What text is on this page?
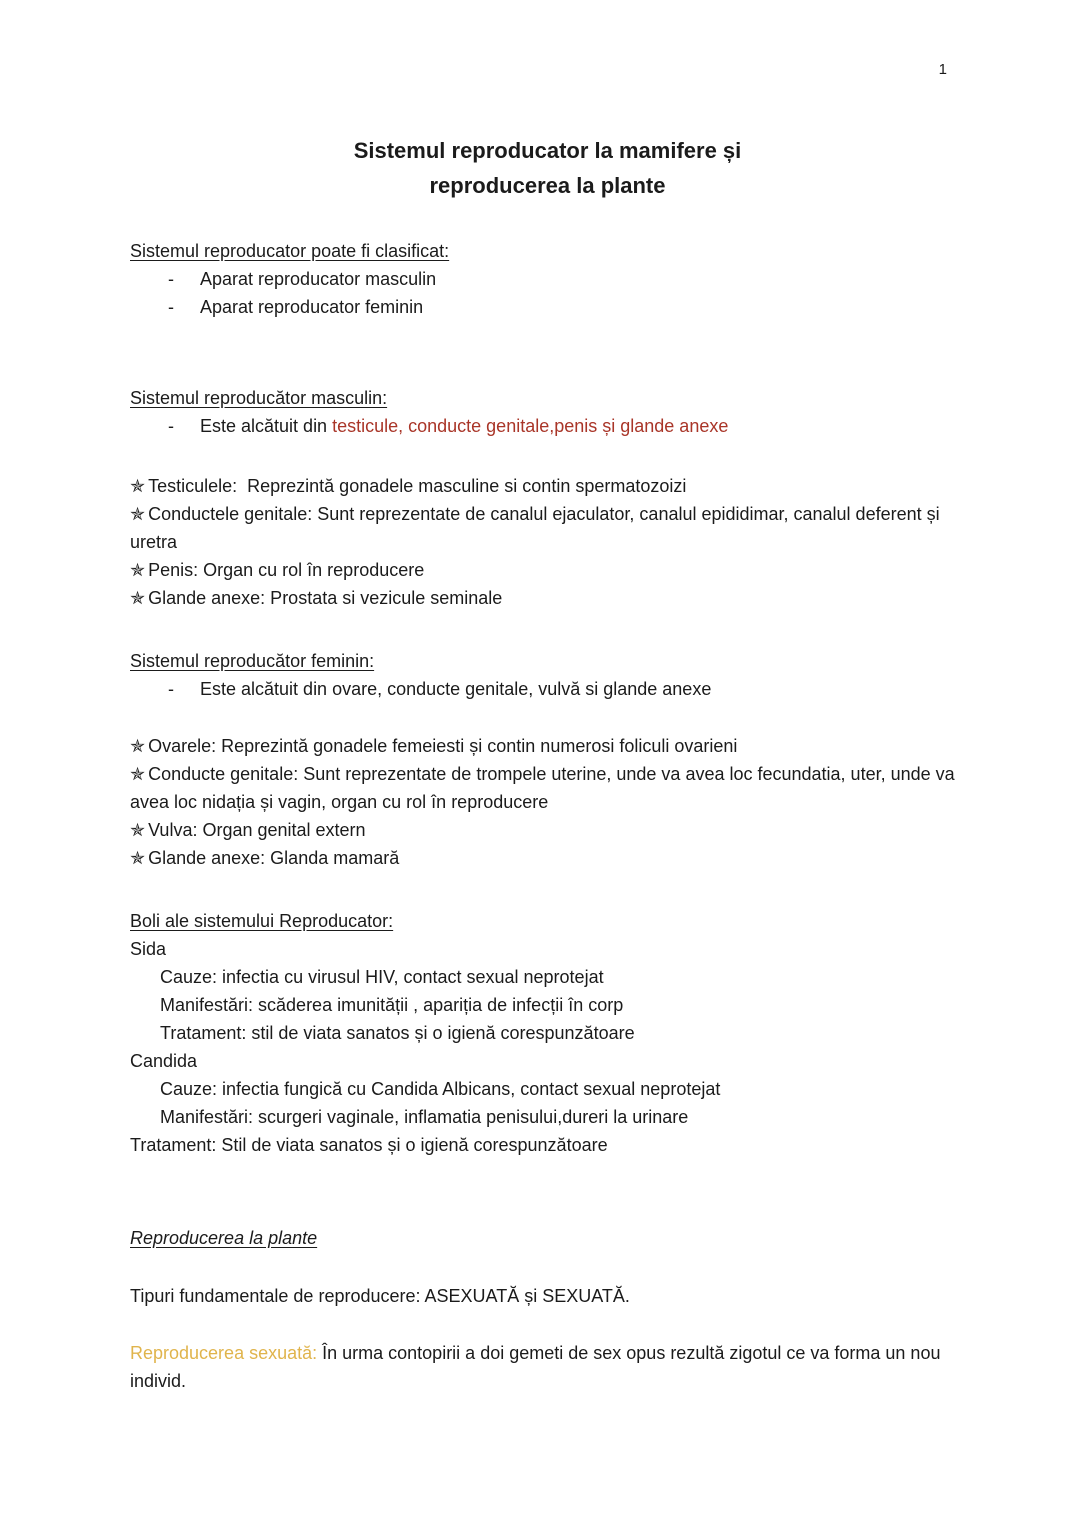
1
Sistemul reproducator la mamifere și
reproducerea la plante
Sistemul reproducator poate fi clasificat:
- Aparat reproducator masculin
- Aparat reproducator feminin
Sistemul reproducător masculin:
- Este alcătuit din testicule, conducte genitale,penis și glande anexe
✯ Testiculele:  Reprezintă gonadele masculine si contin spermatozoizi
✯ Conductele genitale: Sunt reprezentate de canalul ejaculator, canalul epididimar, canalul deferent și uretra
✯ Penis: Organ cu rol în reproducere
✯ Glande anexe: Prostata si vezicule seminale
Sistemul reproducător feminin:
- Este alcătuit din ovare, conducte genitale, vulvă si glande anexe
✯ Ovarele: Reprezintă gonadele femeiesti și contin numerosi foliculi ovarieni
✯ Conducte genitale: Sunt reprezentate de trompele uterine, unde va avea loc fecundatia, uter, unde va avea loc nidația și vagin, organ cu rol în reproducere
✯ Vulva: Organ genital extern
✯ Glande anexe: Glanda mamară
Boli ale sistemului Reproducator:
Sida
Cauze: infectia cu virusul HIV, contact sexual neprotejat
Manifestări: scăderea imunității , apariția de infecții în corp
Tratament: stil de viata sanatos și o igienă corespunzătoare
Candida
Cauze: infectia fungică cu Candida Albicans, contact sexual neprotejat
Manifestări: scurgeri vaginale, inflamatia penisului,dureri la urinare
Tratament: Stil de viata sanatos și o igienă corespunzătoare
Reproducerea la plante
Tipuri fundamentale de reproducere: ASEXUATĂ și SEXUATĂ.
Reproducerea sexuată: În urma contopirii a doi gemeti de sex opus rezultă zigotul ce va forma un nou individ.
